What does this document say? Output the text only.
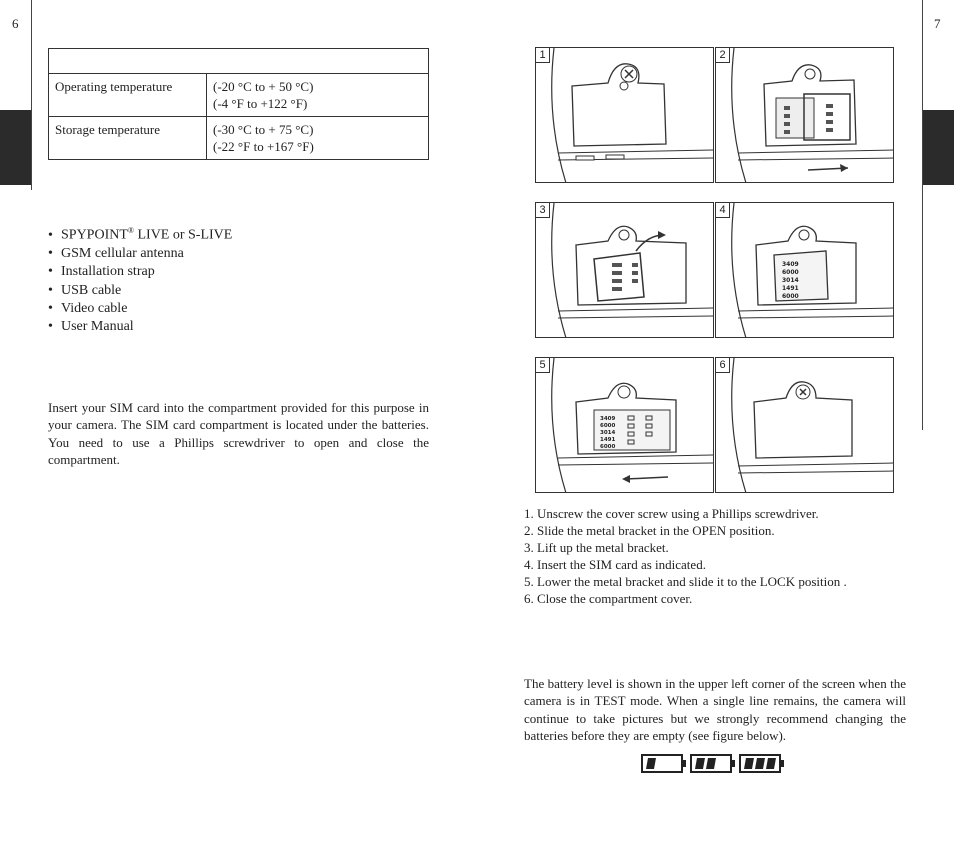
6	7

Operating temperature	(-20 °C to + 50 °C)
(-4 °F to +122 °F)

Storage temperature	(-30 °C to + 75 °C)
(-22 °F to +167 °F)
• SPYPOINT® LIVE or S-LIVE
• GSM cellular antenna
• Installation strap
• USB cable
• Video cable
• User Manual

Insert your SIM card into the compartment provided for this purpose in your camera. The SIM card compartment is located under the batteries. You need to use a Phillips screwdriver to open and close the compartment.

1	2
3
3409
6000
3014
1491
6000
4
3409
6000
3014
1491
6000
5	6
1. Unscrew the cover screw using a Phillips screwdriver.
2. Slide the metal bracket in the OPEN position.
3. Lift up the metal bracket.
4. Insert the SIM card as indicated.
5. Lower the metal bracket and slide it to the LOCK position .
6. Close the compartment cover.

The battery level is shown in the upper left corner of the screen when the camera is in TEST mode. When a single line remains, the camera will continue to take pictures but we strongly recommend changing the batteries before they are empty (see figure below).
